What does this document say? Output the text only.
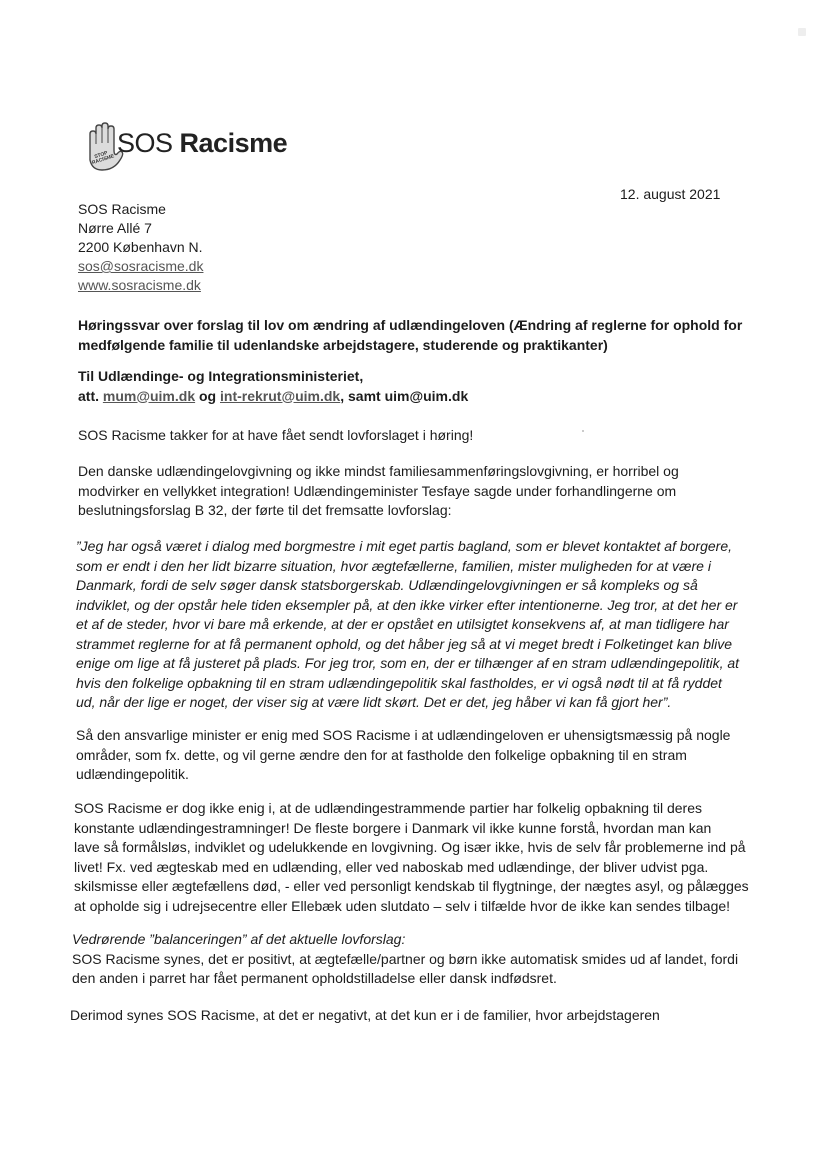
STOP RACISME
SOS Racisme
12. august 2021
SOS Racisme
Nørre Allé 7
2200 København N.
sos@sosracisme.dk
www.sosracisme.dk
Høringssvar over forslag til lov om ændring af udlændingeloven (Ændring af reglerne for ophold for
medfølgende familie til udenlandske arbejdstagere, studerende og praktikanter)
Til Udlændinge- og Integrationsministeriet,
att. mum@uim.dk og int-rekrut@uim.dk, samt uim@uim.dk

SOS Racisme takker for at have fået sendt lovforslaget i høring!

Den danske udlændingelovgivning og ikke mindst familiesammenføringslovgivning, er horribel og
modvirker en vellykket integration! Udlændingeminister Tesfaye sagde under forhandlingerne om
beslutningsforslag B 32, der førte til det fremsatte lovforslag:
”Jeg har også været i dialog med borgmestre i mit eget partis bagland, som er blevet kontaktet af borgere,
som er endt i den her lidt bizarre situation, hvor ægtefællerne, familien, mister muligheden for at være i
Danmark, fordi de selv søger dansk statsborgerskab. Udlændingelovgivningen er så kompleks og så
indviklet, og der opstår hele tiden eksempler på, at den ikke virker efter intentionerne. Jeg tror, at det her er
et af de steder, hvor vi bare må erkende, at der er opstået en utilsigtet konsekvens af, at man tidligere har
strammet reglerne for at få permanent ophold, og det håber jeg så at vi meget bredt i Folketinget kan blive
enige om lige at få justeret på plads. For jeg tror, som en, der er tilhænger af en stram udlændingepolitik, at
hvis den folkelige opbakning til en stram udlændingepolitik skal fastholdes, er vi også nødt til at få ryddet
ud, når der lige er noget, der viser sig at være lidt skørt. Det er det, jeg håber vi kan få gjort her”.
Så den ansvarlige minister er enig med SOS Racisme i at udlændingeloven er uhensigtsmæssig på nogle
områder, som fx. dette, og vil gerne ændre den for at fastholde den folkelige opbakning til en stram
udlændingepolitik.
SOS Racisme er dog ikke enig i, at de udlændingestrammende partier har folkelig opbakning til deres
konstante udlændingestramninger! De fleste borgere i Danmark vil ikke kunne forstå, hvordan man kan
lave så formålsløs, indviklet og udelukkende en lovgivning. Og især ikke, hvis de selv får problemerne ind på
livet! Fx. ved ægteskab med en udlænding, eller ved naboskab med udlændinge, der bliver udvist pga.
skilsmisse eller ægtefællens død, - eller ved personligt kendskab til flygtninge, der nægtes asyl, og pålægges
at opholde sig i udrejsecentre eller Ellebæk uden slutdato – selv i tilfælde hvor de ikke kan sendes tilbage!
Vedrørende ”balanceringen” af det aktuelle lovforslag:
SOS Racisme synes, det er positivt, at ægtefælle/partner og børn ikke automatisk smides ud af landet, fordi
den anden i parret har fået permanent opholdstilladelse eller dansk indfødsret.

Derimod synes SOS Racisme, at det er negativt, at det kun er i de familier, hvor arbejdstageren
